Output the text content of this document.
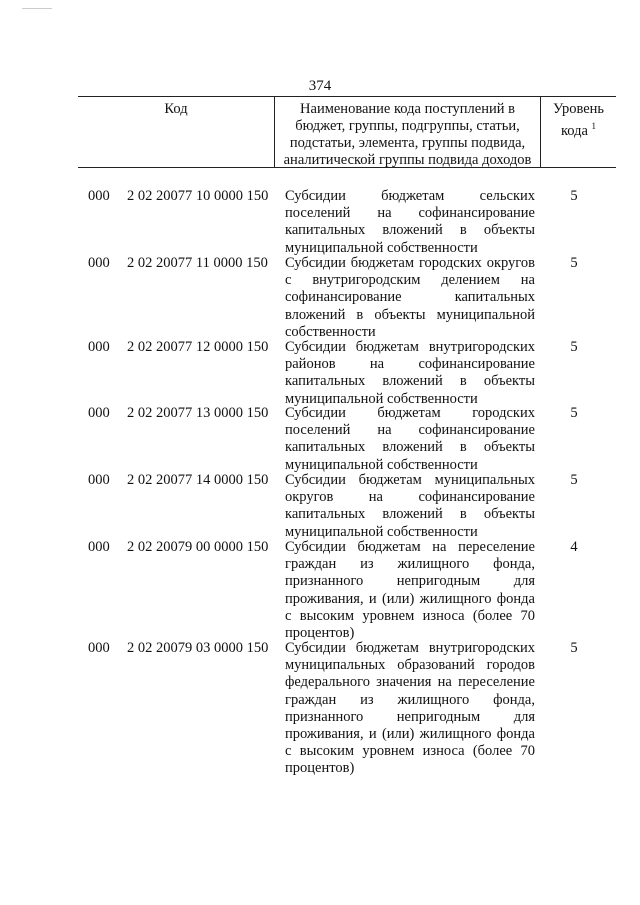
374
Код	Наименование кода поступлений в бюджет, группы, подгруппы, статьи, подстатьи, элемента, группы подвида, аналитической группы подвида доходов
Уровень
кода $^1$
000 2 02 20077 10 0000 150 Субсидии бюджетам сельских поселений на софинансирование капитальных вложений в объекты муниципальной собственности
5
000 2 02 20077 11 0000 150 Субсидии бюджетам городских округов с внутригородским делением на софинансирование капитальных вложений в объекты муниципальной собственности
5
000 2 02 20077 12 0000 150 Субсидии бюджетам внутригородских районов на софинансирование капитальных вложений в объекты муниципальной собственности
5
000 2 02 20077 13 0000 150 Субсидии бюджетам городских поселений на софинансирование капитальных вложений в объекты муниципальной собственности
5
000 2 02 20077 14 0000 150 Субсидии бюджетам муниципальных округов на софинансирование капитальных вложений в объекты муниципальной собственности
5
000 2 02 20079 00 0000 150 Субсидии бюджетам на переселение граждан из жилищного фонда, признанного непригодным для проживания, и (или) жилищного фонда с высоким уровнем износа (более 70 процентов)
4
000 2 02 20079 03 0000 150 Субсидии бюджетам внутригородских муниципальных образований городов федерального значения на переселение граждан из жилищного фонда, признанного непригодным для проживания, и (или) жилищного фонда с высоким уровнем износа (более 70 процентов)
5
